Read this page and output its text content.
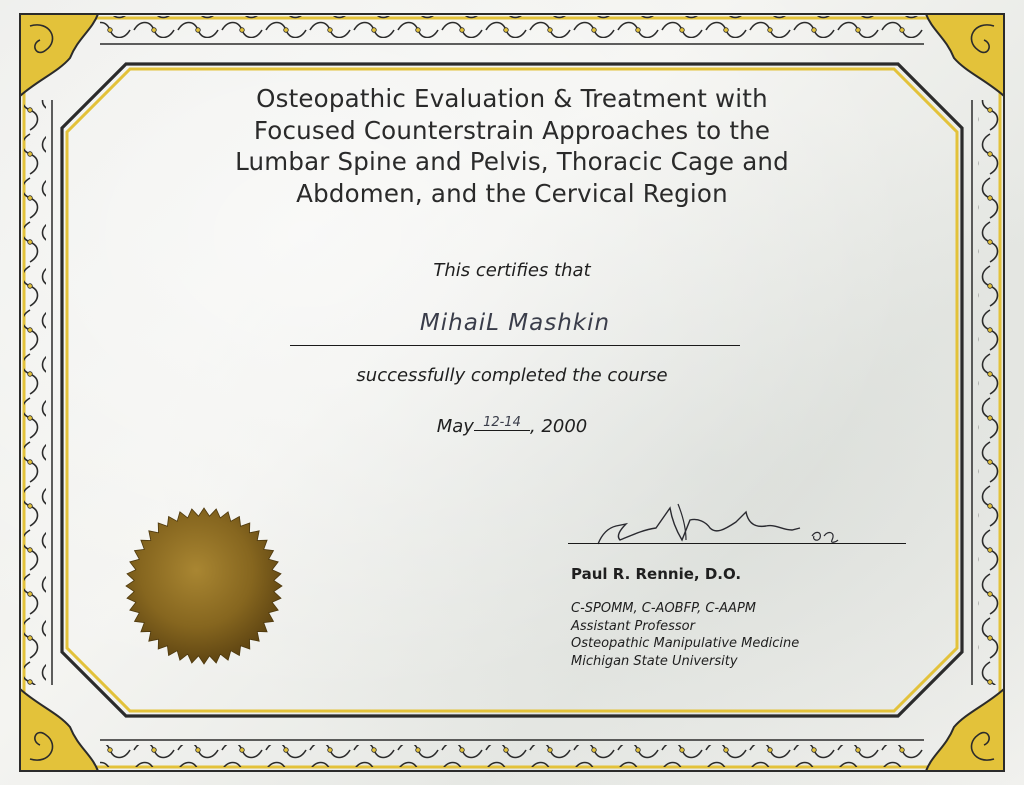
Osteopathic Evaluation & Treatment with
Focused Counterstrain Approaches to the
Lumbar Spine and Pelvis, Thoracic Cage and
Abdomen, and the Cervical Region
This certifies that
MihaiL Mashkin
successfully completed the course
May 12-14 , 2000
Paul R. Rennie, D.O.
C-SPOMM, C-AOBFP, C-AAPM
Assistant Professor
Osteopathic Manipulative Medicine
Michigan State University
